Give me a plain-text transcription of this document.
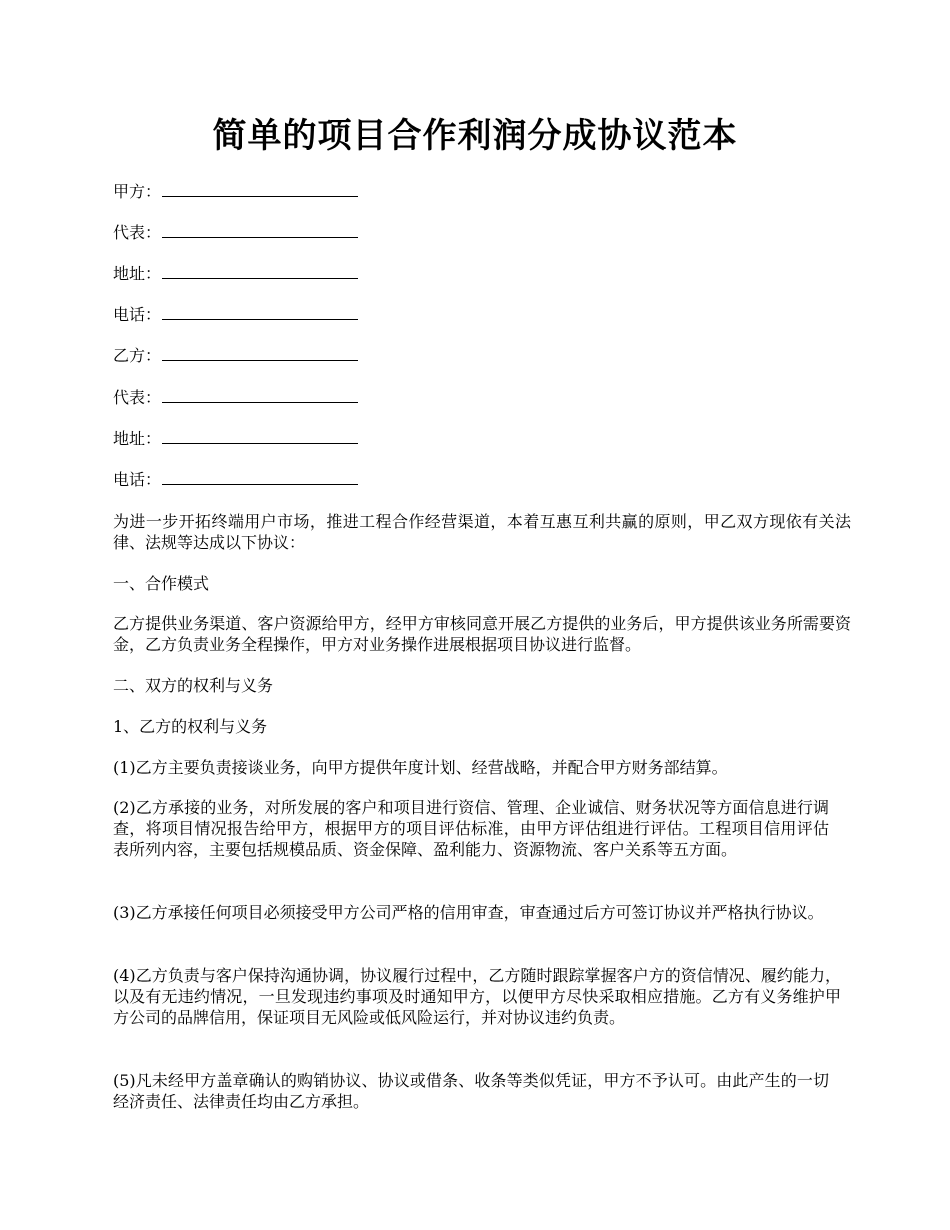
简单的项目合作利润分成协议范本
甲方：
代表：
地址：
电话：
乙方：
代表：
地址：
电话：
为进一步开拓终端用户市场，推进工程合作经营渠道，本着互惠互利共赢的原则，甲乙双方现依有关法律、法规等达成以下协议：
一、合作模式
乙方提供业务渠道、客户资源给甲方，经甲方审核同意开展乙方提供的业务后，甲方提供该业务所需要资金，乙方负责业务全程操作，甲方对业务操作进展根据项目协议进行监督。
二、双方的权利与义务
1、乙方的权利与义务
(1)乙方主要负责接谈业务，向甲方提供年度计划、经营战略，并配合甲方财务部结算。
(2)乙方承接的业务，对所发展的客户和项目进行资信、管理、企业诚信、财务状况等方面信息进行调查，将项目情况报告给甲方，根据甲方的项目评估标准，由甲方评估组进行评估。工程项目信用评估表所列内容，主要包括规模品质、资金保障、盈利能力、资源物流、客户关系等五方面。
(3)乙方承接任何项目必须接受甲方公司严格的信用审查，审查通过后方可签订协议并严格执行协议。
(4)乙方负责与客户保持沟通协调，协议履行过程中，乙方随时跟踪掌握客户方的资信情况、履约能力，以及有无违约情况，一旦发现违约事项及时通知甲方，以便甲方尽快采取相应措施。乙方有义务维护甲方公司的品牌信用，保证项目无风险或低风险运行，并对协议违约负责。
(5)凡未经甲方盖章确认的购销协议、协议或借条、收条等类似凭证，甲方不予认可。由此产生的一切经济责任、法律责任均由乙方承担。
